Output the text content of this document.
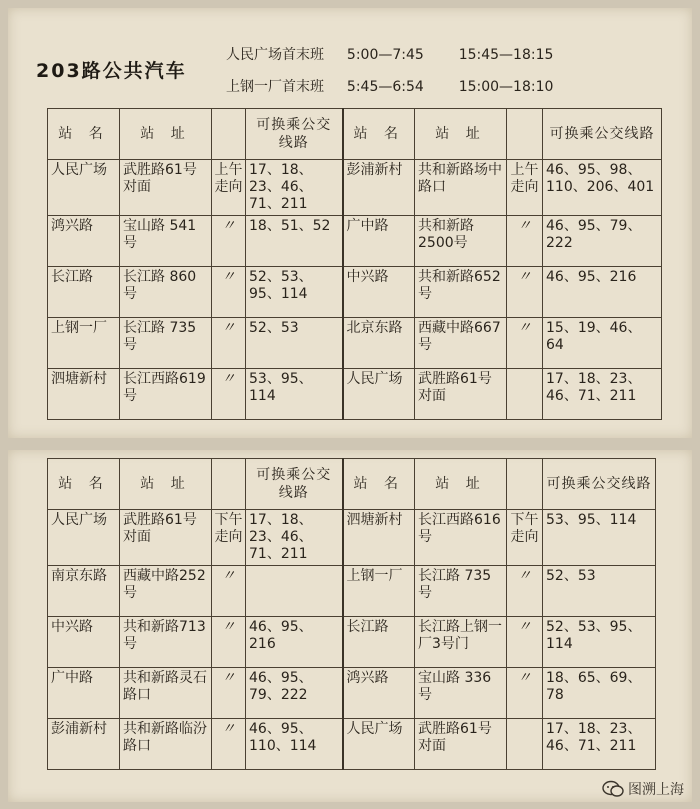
203路公共汽车
人民广场首末班 5:00—7:45 15:45—18:15
上钢一厂首末班 5:45—6:54 15:00—18:10
站 名	站 址		可换乘公交线路	站 名	站 址		可换乘公交线路
人民广场	武胜路61号对面	上午走向	17、18、23、46、71、211	彭浦新村	共和新路场中路口	上午走向	46、95、98、110、206、401
鸿兴路	宝山路 541号	〃	18、51、52	广中路	共和新路2500号	〃	46、95、79、222
长江路	长江路 860号	〃	52、53、95、114	中兴路	共和新路652号	〃	46、95、216
上钢一厂	长江路 735号	〃	52、53	北京东路	西藏中路667号	〃	15、19、46、64
泗塘新村	长江西路619号	〃	53、95、114	人民广场	武胜路61号对面		17、18、23、46、71、211
站 名	站 址		可换乘公交线路	站 名	站 址		可换乘公交线路
人民广场	武胜路61号对面	下午走向	17、18、23、46、71、211	泗塘新村	长江西路616号	下午走向	53、95、114
南京东路	西藏中路252号	〃		上钢一厂	长江路 735号	〃	52、53
中兴路	共和新路713号	〃	46、95、216	长江路	长江路上钢一厂3号门	〃	52、53、95、114
广中路	共和新路灵石路口	〃	46、95、79、222	鸿兴路	宝山路 336号	〃	18、65、69、78
彭浦新村	共和新路临汾路口	〃	46、95、110、114	人民广场	武胜路61号对面		17、18、23、46、71、211
图溯上海
